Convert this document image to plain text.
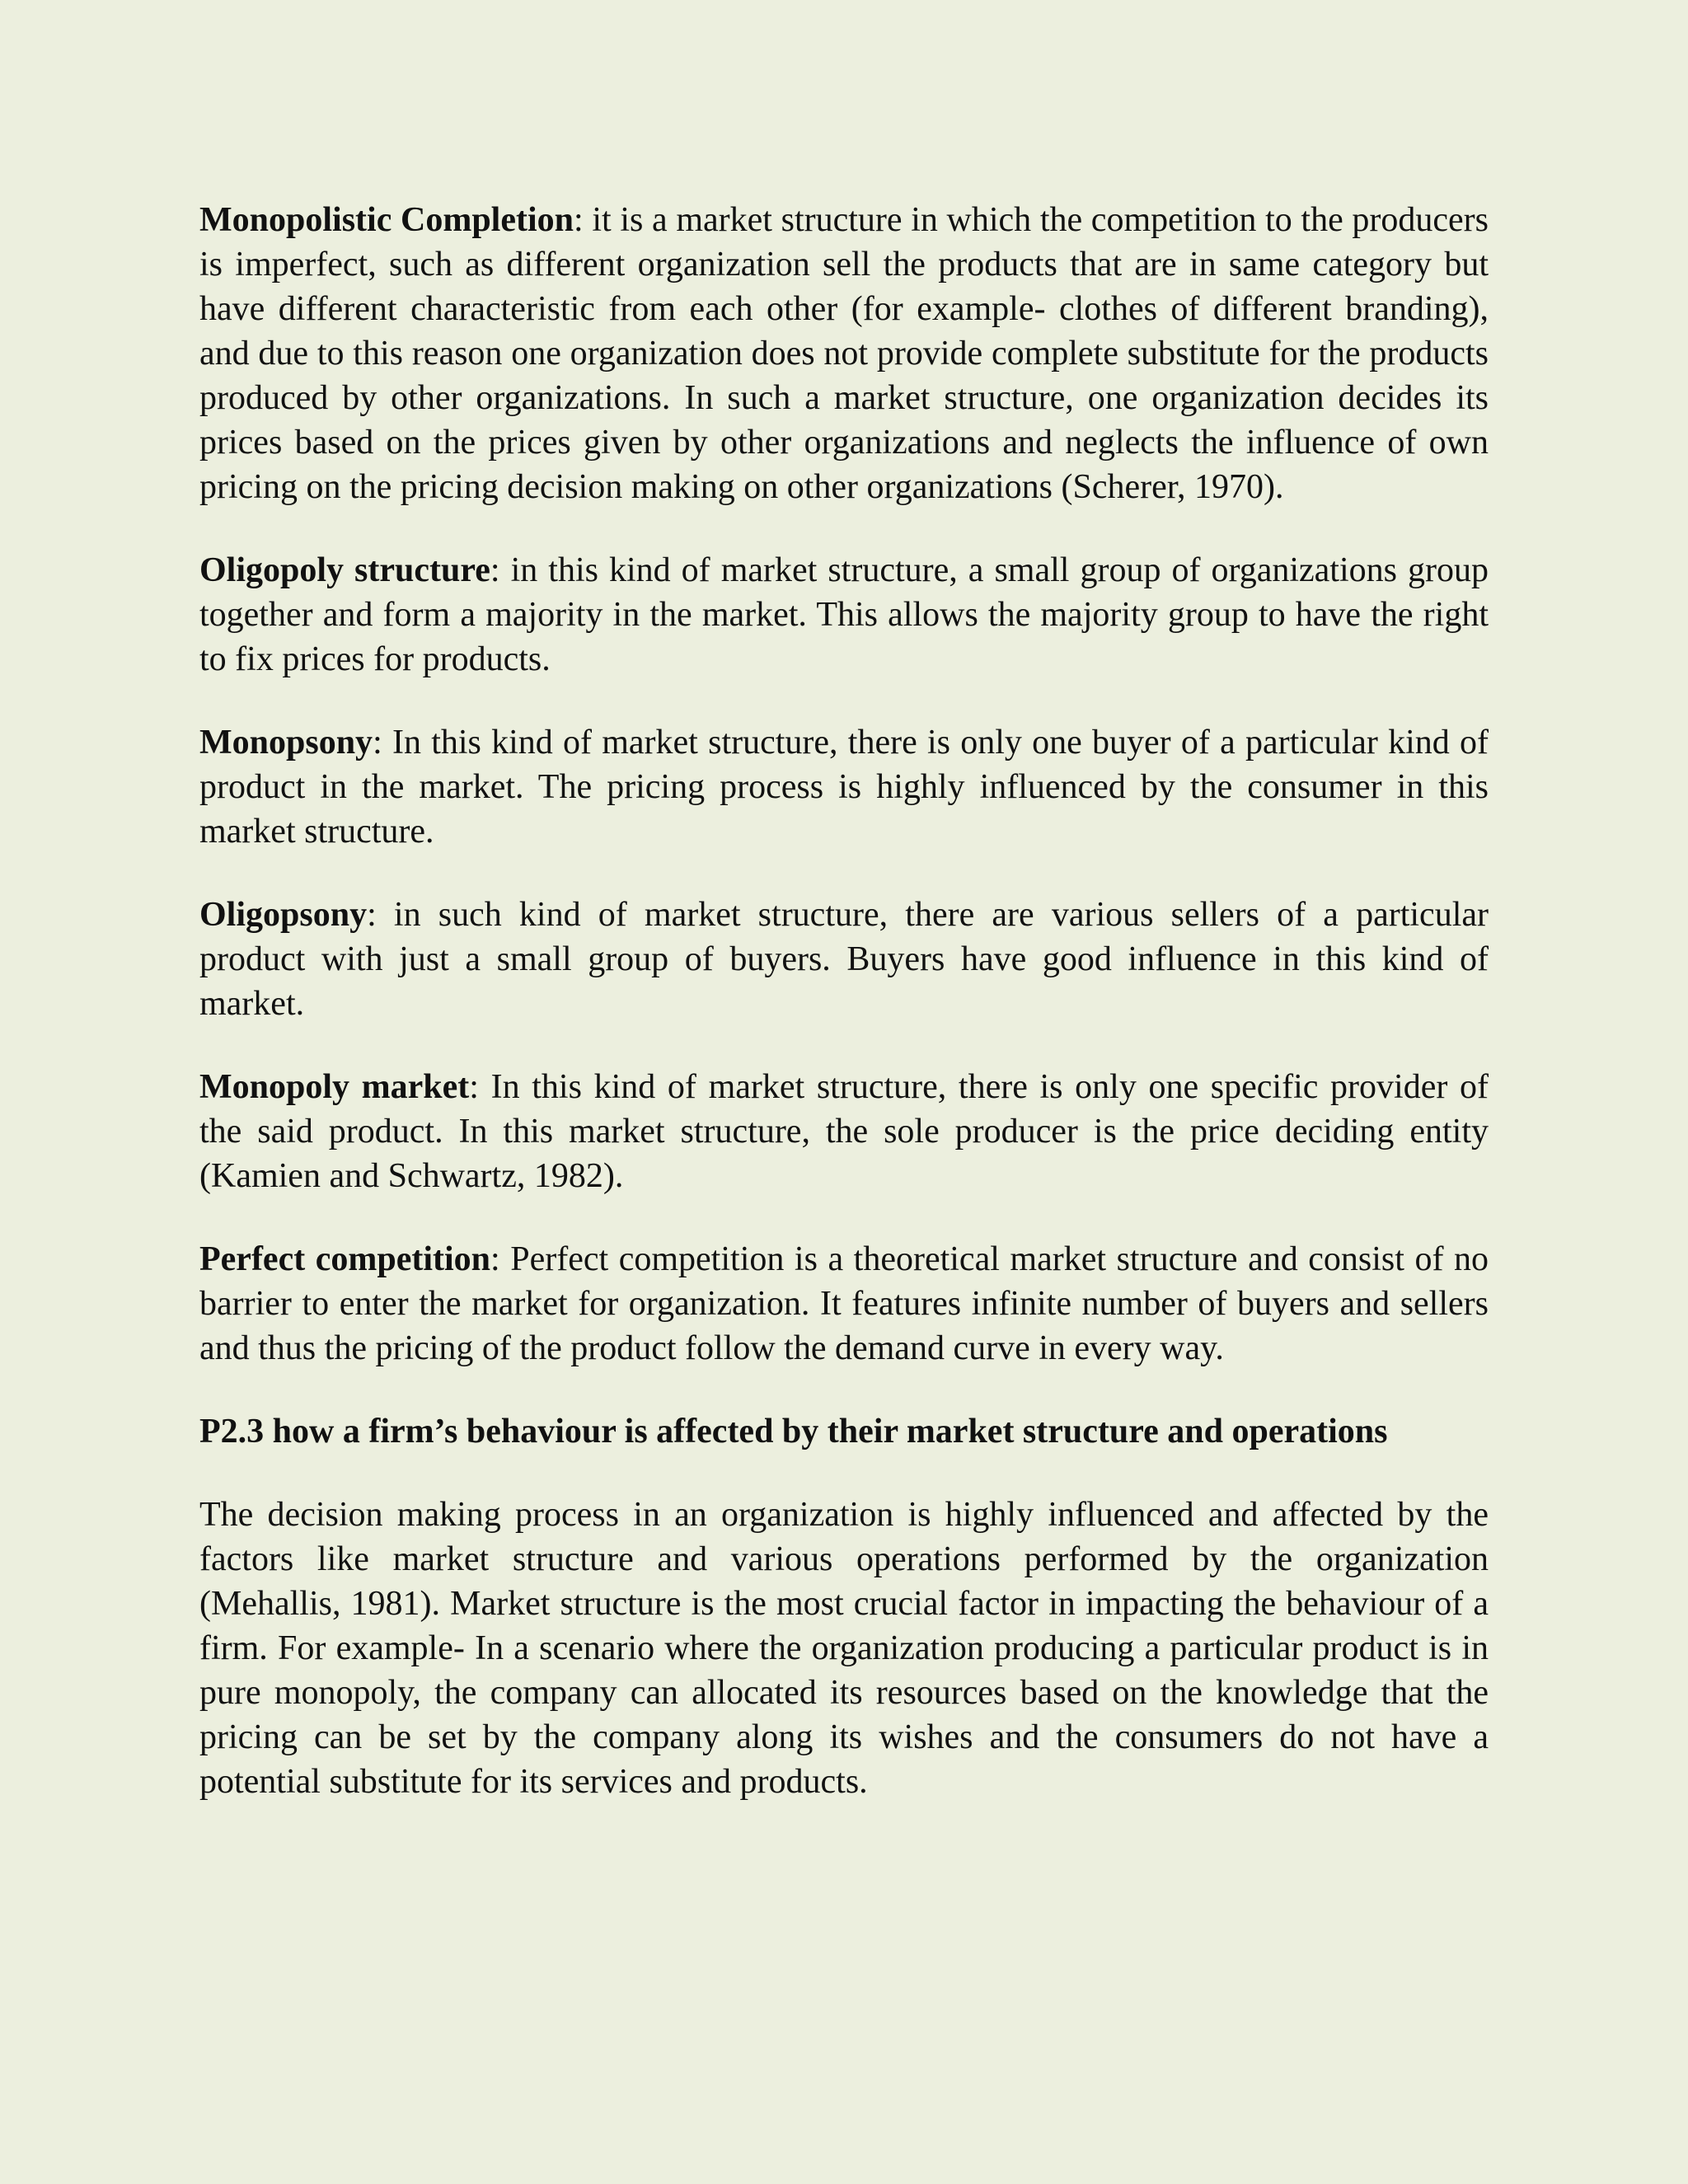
Monopolistic Completion: it is a market structure in which the competition to the producers is imperfect, such as different organization sell the products that are in same category but have different characteristic from each other (for example- clothes of different branding), and due to this reason one organization does not provide complete substitute for the products produced by other organizations. In such a market structure, one organization decides its prices based on the prices given by other organizations and neglects the influence of own pricing on the pricing decision making on other organizations (Scherer, 1970).

Oligopoly structure: in this kind of market structure, a small group of organizations group together and form a majority in the market. This allows the majority group to have the right to fix prices for products.

Monopsony: In this kind of market structure, there is only one buyer of a particular kind of product in the market. The pricing process is highly influenced by the consumer in this market structure.

Oligopsony: in such kind of market structure, there are various sellers of a particular product with just a small group of buyers. Buyers have good influence in this kind of market.

Monopoly market: In this kind of market structure, there is only one specific provider of the said product. In this market structure, the sole producer is the price deciding entity (Kamien and Schwartz, 1982).

Perfect competition: Perfect competition is a theoretical market structure and consist of no barrier to enter the market for organization. It features infinite number of buyers and sellers and thus the pricing of the product follow the demand curve in every way.

P2.3 how a firm’s behaviour is affected by their market structure and operations

The decision making process in an organization is highly influenced and affected by the factors like market structure and various operations performed by the organization (Mehallis, 1981). Market structure is the most crucial factor in impacting the behaviour of a firm. For example- In a scenario where the organization producing a particular product is in pure monopoly, the company can allocated its resources based on the knowledge that the pricing can be set by the company along its wishes and the consumers do not have a potential substitute for its services and products.
